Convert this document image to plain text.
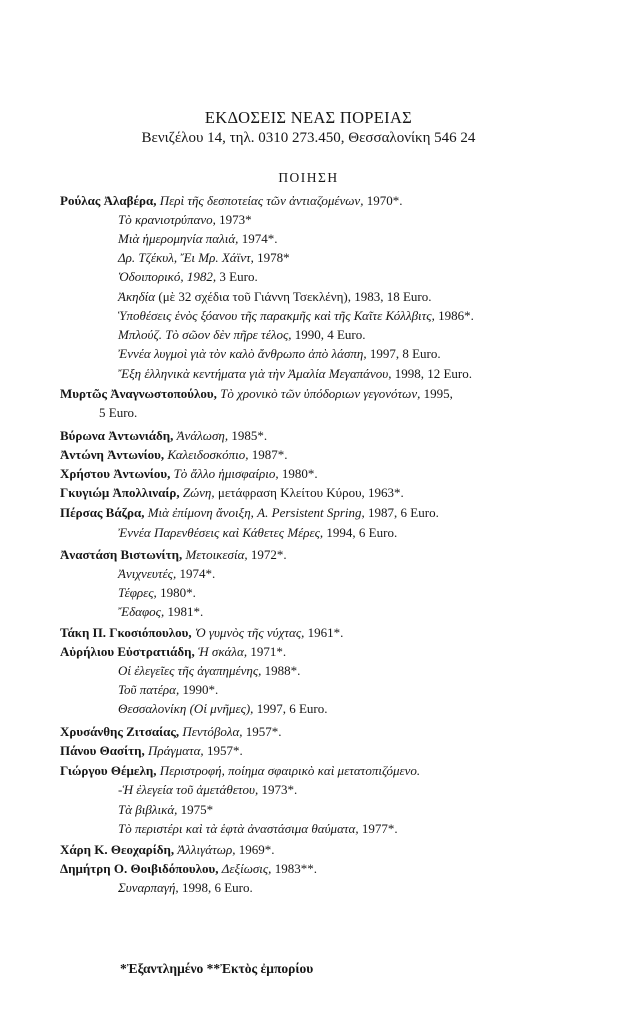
ΕΚΔΟΣΕΙΣ ΝΕΑΣ ΠΟΡΕΙΑΣ
Βενιζέλου 14, τηλ. 0310 273.450, Θεσσαλονίκη 546 24
ΠΟΙΗΣΗ
Ρούλας Ἀλαβέρα, Περὶ τῆς δεσποτείας τῶν ἀντιαζομένων, 1970*.
Τὸ κρανιοτρύπανο, 1973*
Μιὰ ἡμερομηνία παλιά, 1974*.
Δρ. Τζέκυλ, Ἔι Μρ. Χάϊντ, 1978*
Ὁδοιπορικό, 1982, 3 Euro.
Ἀκηδία (μὲ 32 σχέδια τοῦ Γιάννη Τσεκλένη), 1983, 18 Euro.
Ὑποθέσεις ἑνὸς ξόανου τῆς παρακμῆς καὶ τῆς Καῖτε Κόλλβιτς, 1986*.
Μπλούζ. Τὸ σῶον δὲν πῆρε τέλος, 1990, 4 Euro.
Ἐννέα λυγμοὶ γιὰ τὸν καλὸ ἄνθρωπο ἀπὸ λάσπη, 1997, 8 Euro.
Ἔξη ἑλληνικὰ κεντήματα γιὰ τὴν Ἀμαλία Μεγαπάνου, 1998, 12 Euro.
Μυρτῶς Ἀναγνωστοπούλου, Τὸ χρονικὸ τῶν ὑπόδοριων γεγονότων, 1995,
5 Euro.
Βύρωνα Ἀντωνιάδη, Ἀνάλωση, 1985*.
Ἀντώνη Ἀντωνίου, Καλειδοσκόπιο, 1987*.
Χρήστου Ἀντωνίου, Τὸ ἄλλο ἡμισφαίριο, 1980*.
Γκυγιώμ Ἀπολλιναίρ, Ζώνη, μετάφραση Κλείτου Κύρου, 1963*.
Πέρσας Βάζρα, Μιὰ ἐπίμονη ἄνοιξη, A. Persistent Spring, 1987, 6 Euro.
Ἐννέα Παρενθέσεις καὶ Κάθετες Μέρες, 1994, 6 Euro.
Ἀναστάση Βιστωνίτη, Μετοικεσία, 1972*.
Ἀνιχνευτές, 1974*.
Τέφρες, 1980*.
Ἔδαφος, 1981*.
Τάκη Π. Γκοσιόπουλου, Ὁ γυμνὸς τῆς νύχτας, 1961*.
Αὐρήλιου Εὐστρατιάδη, Ἡ σκάλα, 1971*.
Οἱ ἐλεγεῖες τῆς ἀγαπημένης, 1988*.
Τοῦ πατέρα, 1990*.
Θεσσαλονίκη (Οἱ μνῆμες), 1997, 6 Euro.
Χρυσάνθης Ζιτσαίας, Πεντόβολα, 1957*.
Πάνου Θασίτη, Πράγματα, 1957*.
Γιώργου Θέμελη, Περιστροφή, ποίημα σφαιρικὸ καὶ μετατοπιζόμενο.
-Ἡ ἐλεγεία τοῦ ἀμετάθετου, 1973*.
Τὰ βιβλικά, 1975*
Τὸ περιστέρι καὶ τὰ ἑφτὰ ἀναστάσιμα θαύματα, 1977*.
Χάρη Κ. Θεοχαρίδη, Ἀλλιγάτωρ, 1969*.
Δημήτρη Ο. Θοιβιδόπουλου, Δεξίωσις, 1983**.
Συναρπαγή, 1998, 6 Euro.
*Ἐξαντλημένο **Ἐκτὸς ἐμπορίου
